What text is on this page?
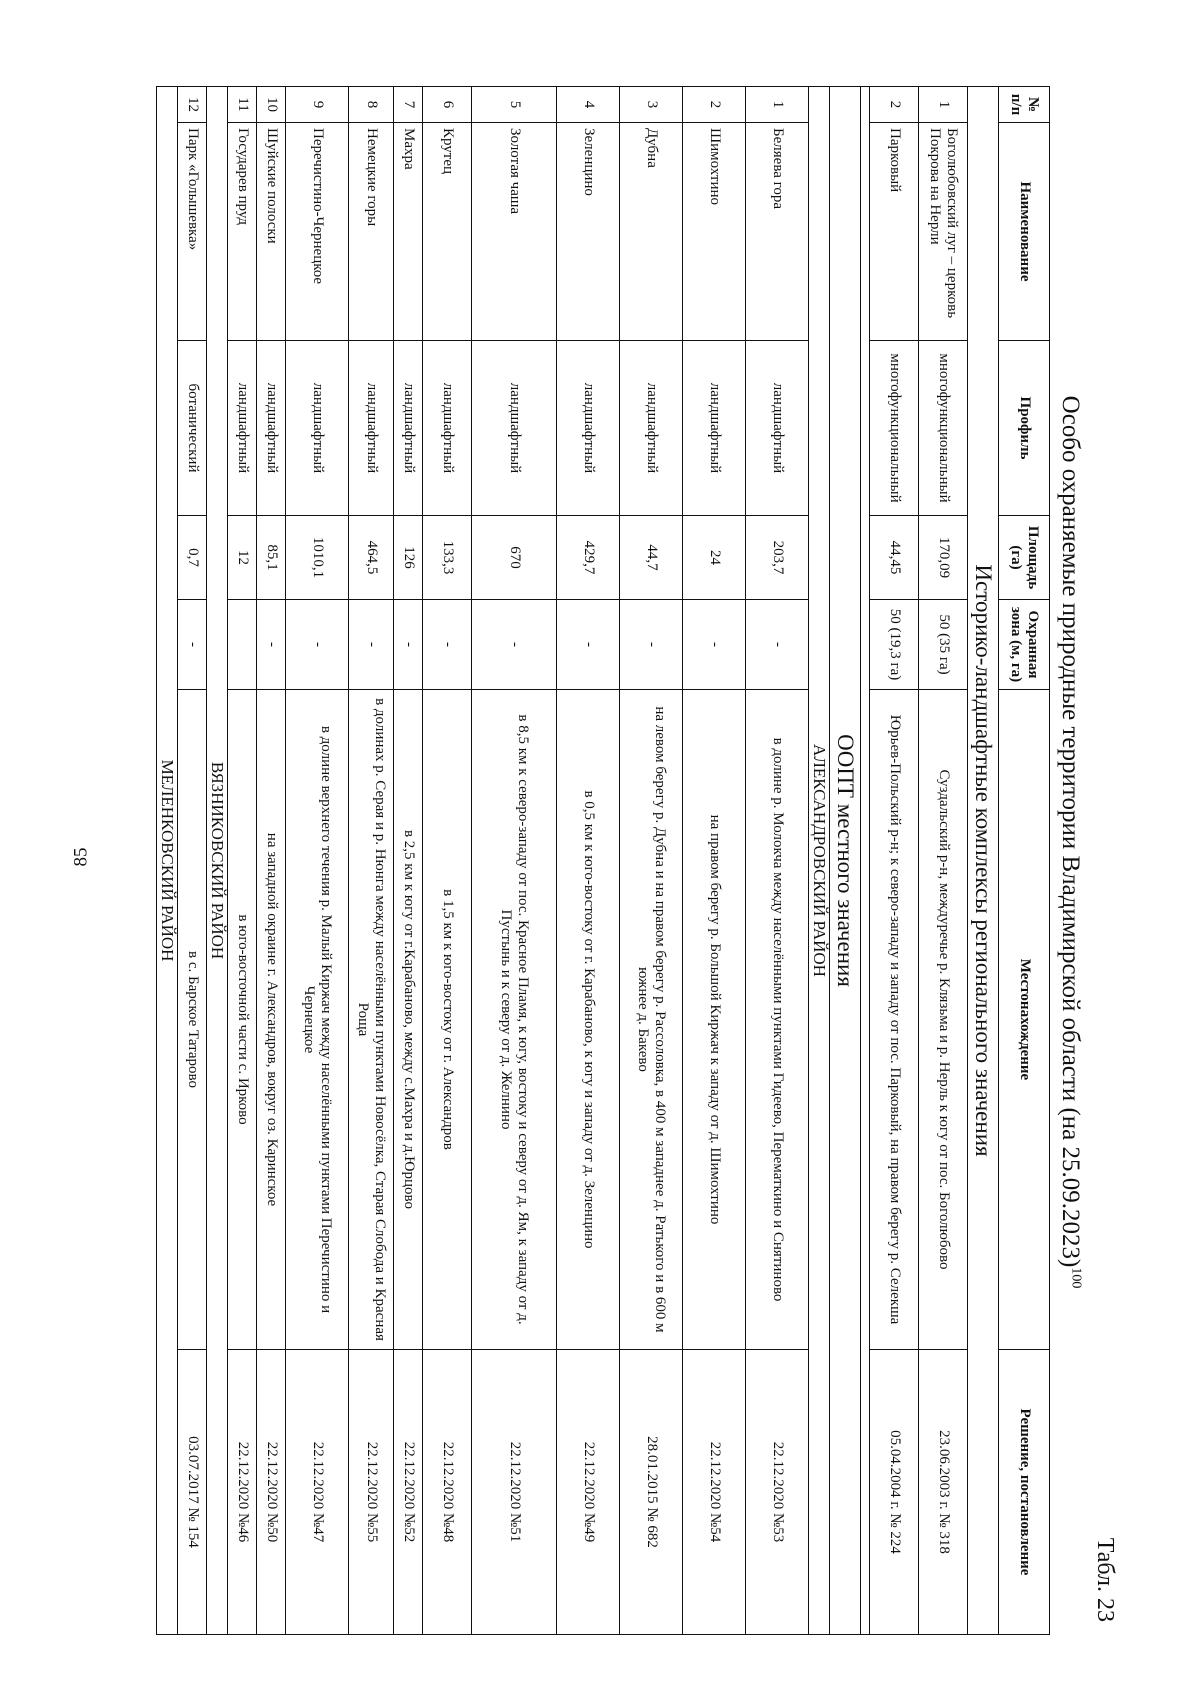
85
Табл. 23
Особо охраняемые природные территории Владимирской области (на 25.09.2023)$^{100}$
№ п/п	Наименование	Профиль	Площадь (га)	Охранная зона (м, га)	Местонахождение	Решение, постановление
Историко-ландшафтные комплексы регионального значения						
1	Боголюбовский луг – церковь Покрова на Нерли	многофункциональный	170,09	50 (35 га)	Суздальский р-н, междуречье р. Клязьма и р. Нерль к югу от пос. Боголюбово	23.06.2003 г. № 318
2	Парковый	многофункциональный	44,45	50 (19,3 га)	Юрьев-Польский р-н; к северо-западу и западу от пос. Парковый, на правом берегу р. Селекша	05.04.2004 г. № 224

ООПТ местного значения						
АЛЕКСАНДРОВСКИЙ РАЙОН						
1	Беляева гора	ландшафтный	203,7	-	в долине р. Молокча между населёнными пунктами Гидеево, Перематкино и Снятиново	22.12.2020 №53
2	Шимохтино	ландшафтный	24	-	на правом берегу р. Большой Киржач к западу от д. Шимохтино	22.12.2020 №54
3	Дубна	ландшафтный	44,7	-	на левом берегу р. Дубна и на правом берегу р. Рассоловка, в 400 м западнее д. Ратького и в 600 м южнее д. Бакево	28.01.2015 № 682
4	Зеленцино	ландшафтный	429,7	-	в 0,5 км к юго-востоку от г. Карабаново, к югу и западу от д. Зеленцино	22.12.2020 №49
5	Золотая чаша	ландшафтный	670	-	в 8,5 км к северо-западу от пос. Красное Пламя, к югу, востоку и северу от д. Ям, к западу от д. Пустынь и к северу от д. Желнино	22.12.2020 №51
6	Крутец	ландшафтный	133,3	-	в 1,5 км к юго-востоку от г. Александров	22.12.2020 №48
7	Махра	ландшафтный	126	-	в 2,5 км к югу от г.Карабаново, между с.Махра и д.Юрцово	22.12.2020 №52
8	Немецкие горы	ландшафтный	464,5	-	в долинах р. Серая и р. Нюнга между населёнными пунктами Новосёлка, Старая Слобода и Красная Роща	22.12.2020 №55
9	Перечистино-Чернецкое	ландшафтный	1010,1	-	в долине верхнего течения р. Малый Киржач между населёнными пунктами Перечистино и Чернецкое	22.12.2020 №47
10	Шуйские полоски	ландшафтный	85,1	-	на западной окраине г. Александров, вокруг оз. Каринское	22.12.2020 №50
11	Государев пруд	ландшафтный	12		в юго-восточной части с. Ирково	22.12.2020 №46
ВЯЗНИКОВСКИЙ РАЙОН						
12	Парк «Голышевка»	ботанический	0,7	-	в с. Барское Татарово	03.07.2017 № 154
МЕЛЕНКОВСКИЙ РАЙОН						
